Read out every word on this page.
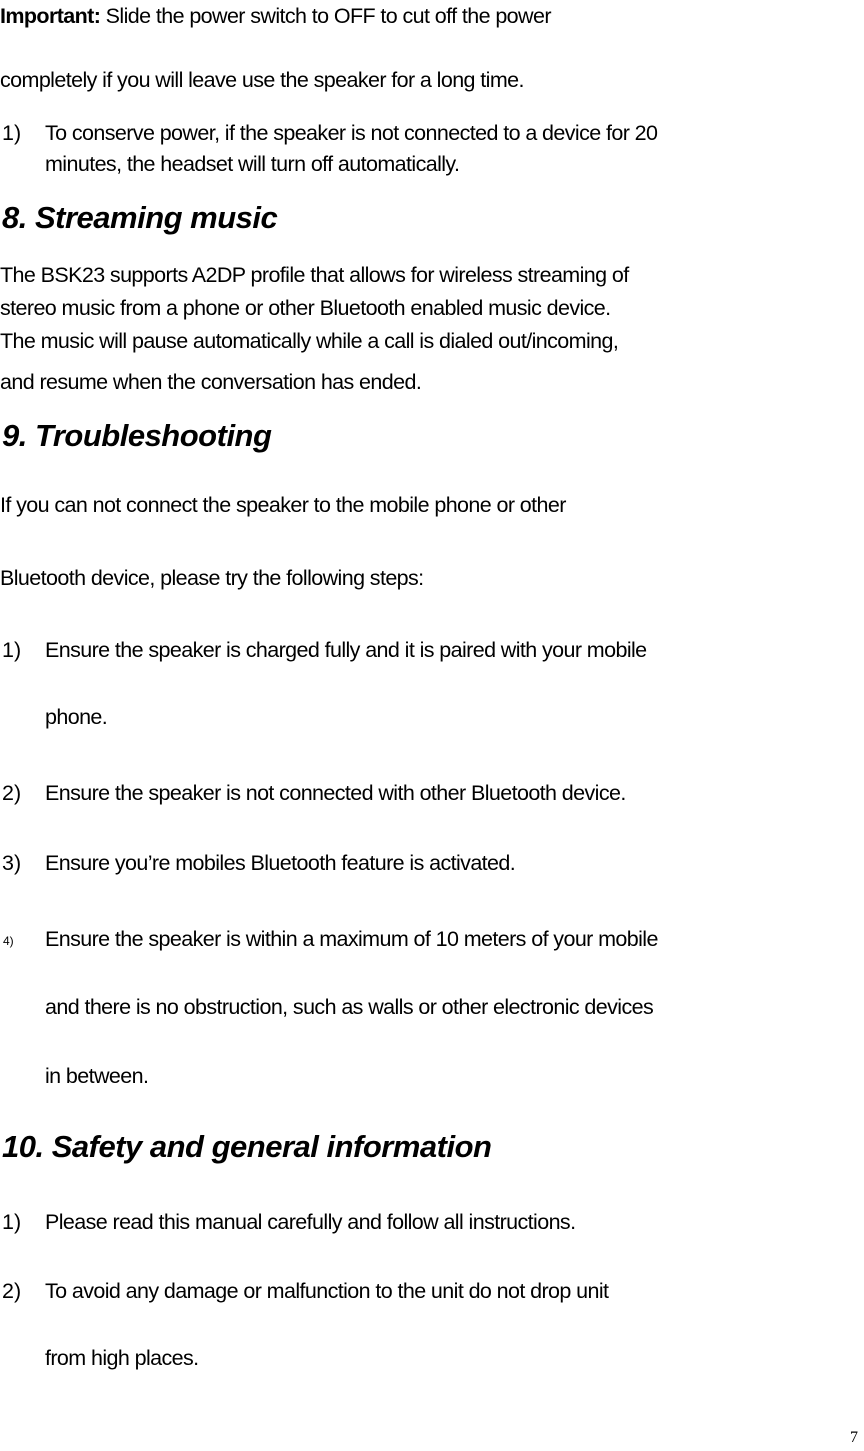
Important: Slide the power switch to OFF to cut off the power
completely if you will leave use the speaker for a long time.
1) To conserve power, if the speaker is not connected to a device for 20
minutes, the headset will turn off automatically.
8. Streaming music
The BSK23 supports A2DP profile that allows for wireless streaming of
stereo music from a phone or other Bluetooth enabled music device.
The music will pause automatically while a call is dialed out/incoming,
and resume when the conversation has ended.
9. Troubleshooting
If you can not connect the speaker to the mobile phone or other
Bluetooth device, please try the following steps:
1) Ensure the speaker is charged fully and it is paired with your mobile
phone.
2) Ensure the speaker is not connected with other Bluetooth device.
3) Ensure you’re mobiles Bluetooth feature is activated.
4) Ensure the speaker is within a maximum of 10 meters of your mobile
and there is no obstruction, such as walls or other electronic devices
in between.
10. Safety and general information
1) Please read this manual carefully and follow all instructions.
2) To avoid any damage or malfunction to the unit do not drop unit
from high places.
7
